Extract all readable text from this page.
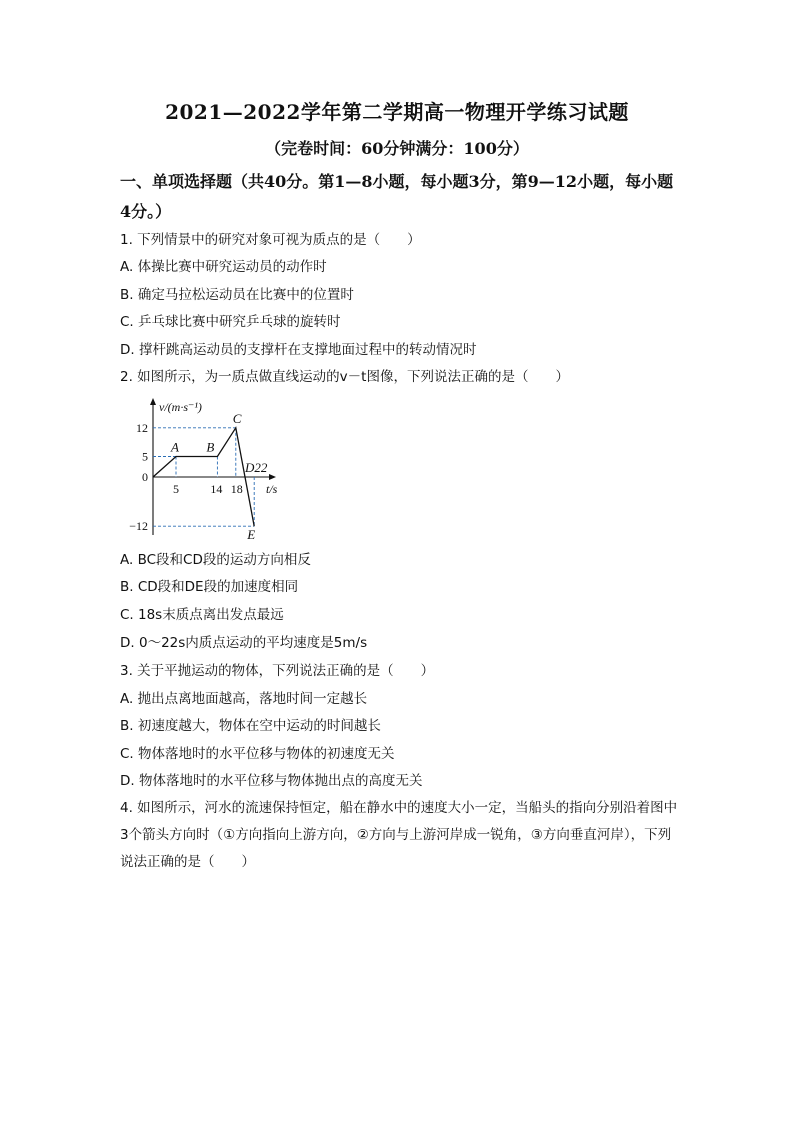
2021—2022学年第二学期高一物理开学练习试题
（完卷时间：60分钟满分：100分）
一、单项选择题（共40分。第1—8小题，每小题3分，第9—12小题，每小题4分。）
1. 下列情景中的研究对象可视为质点的是（　　）
A. 体操比赛中研究运动员的动作时
B. 确定马拉松运动员在比赛中的位置时
C. 乒乓球比赛中研究乒乓球的旋转时
D. 撑杆跳高运动员的支撑杆在支撑地面过程中的转动情况时
2. 如图所示，为一质点做直线运动的v－t图像，下列说法正确的是（　　）
A B
C
D22
E
v/(m·s⁻¹)
t/s
12
5
0
−12
5	14 18
A. BC段和CD段的运动方向相反
B. CD段和DE段的加速度相同
C. 18s末质点离出发点最远
D. 0～22s内质点运动的平均速度是5m/s
3. 关于平抛运动的物体，下列说法正确的是（　　）
A. 抛出点离地面越高，落地时间一定越长
B. 初速度越大，物体在空中运动的时间越长
C. 物体落地时的水平位移与物体的初速度无关
D. 物体落地时的水平位移与物体抛出点的高度无关
4. 如图所示，河水的流速保持恒定，船在静水中的速度大小一定，当船头的指向分别沿着图中3个箭头方向时（①方向指向上游方向，②方向与上游河岸成一锐角，③方向垂直河岸），下列说法正确的是（　　）
